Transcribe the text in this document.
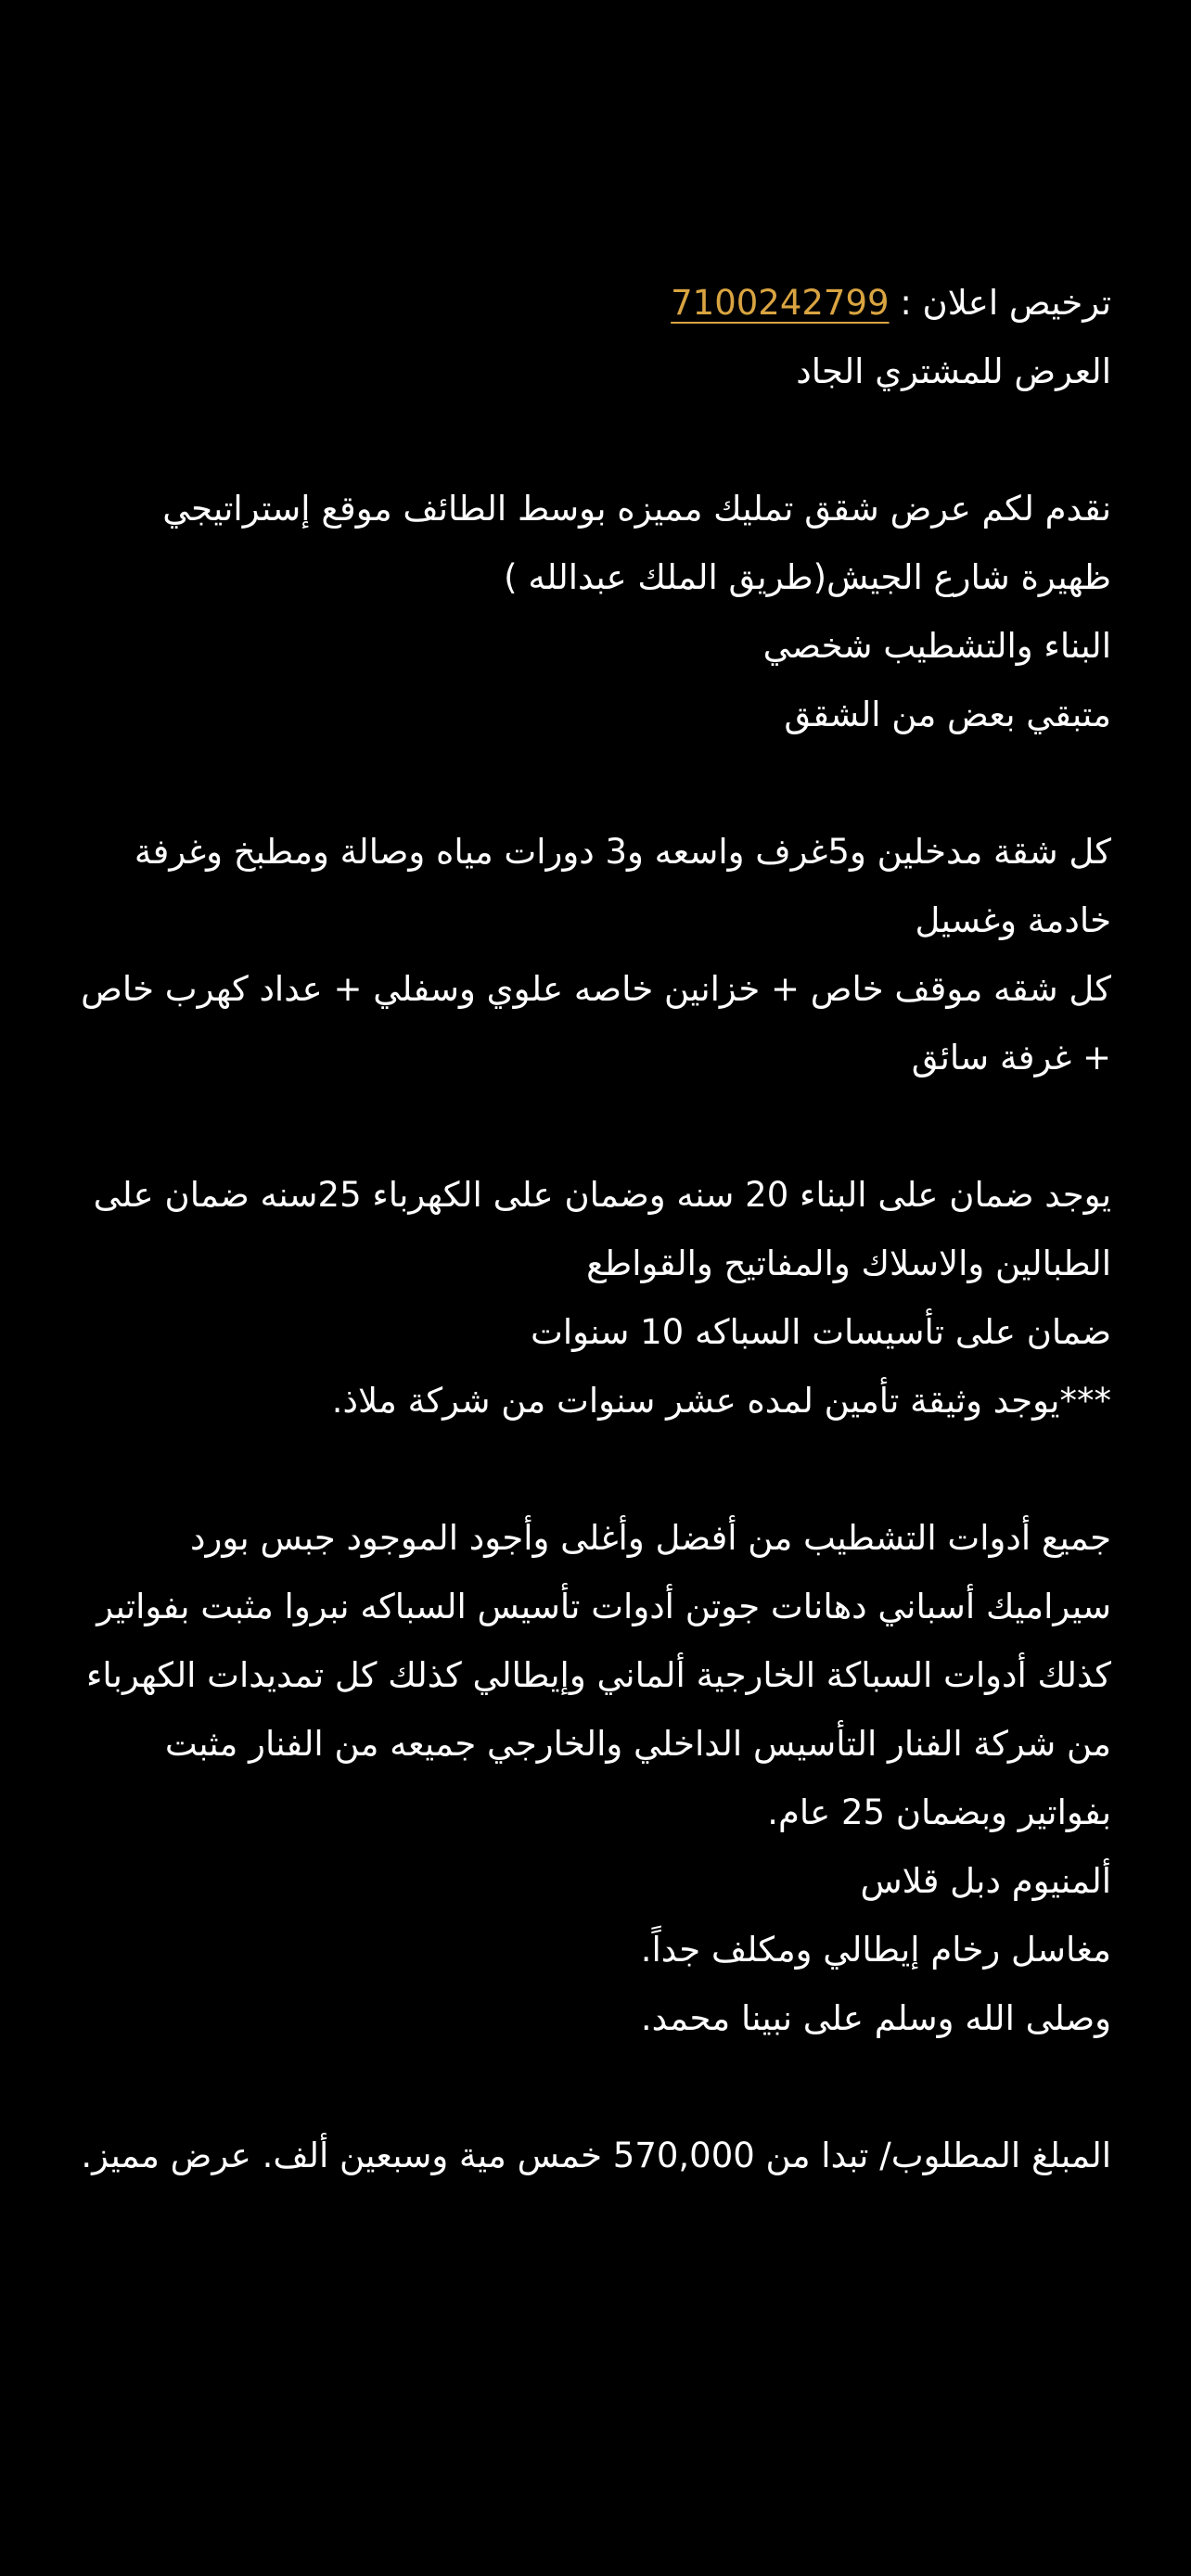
ترخيص اعلان : 7100242799
العرض للمشتري الجاد
نقدم لكم عرض شقق تمليك مميزه بوسط الطائف موقع إستراتيجي ظهيرة شارع الجيش(طريق الملك عبدالله )
البناء والتشطيب شخصي
متبقي بعض من الشقق
كل شقة مدخلين و5غرف واسعه و3 دورات مياه وصالة ومطبخ وغرفة خادمة وغسيل
كل شقه موقف خاص + خزانين خاصه علوي وسفلي + عداد كهرب خاص + غرفة سائق
يوجد ضمان على البناء 20 سنه وضمان على الكهرباء 25سنه ضمان على الطبالين والاسلاك والمفاتيح والقواطع
ضمان على تأسيسات السباكه 10 سنوات
***يوجد وثيقة تأمين لمده عشر سنوات من شركة ملاذ.
جميع أدوات التشطيب من أفضل وأغلى وأجود الموجود جبس بورد سيراميك أسباني دهانات جوتن أدوات تأسيس السباكه نبروا مثبت بفواتير كذلك أدوات السباكة الخارجية ألماني وإيطالي كذلك كل تمديدات الكهرباء من شركة الفنار التأسيس الداخلي والخارجي جميعه من الفنار مثبت بفواتير وبضمان 25 عام.
ألمنيوم دبل قلاس
مغاسل رخام إيطالي ومكلف جداً.
وصلى الله وسلم على نبينا محمد.
المبلغ المطلوب/ تبدا من 570,000 خمس مية وسبعين ألف. عرض مميز.
